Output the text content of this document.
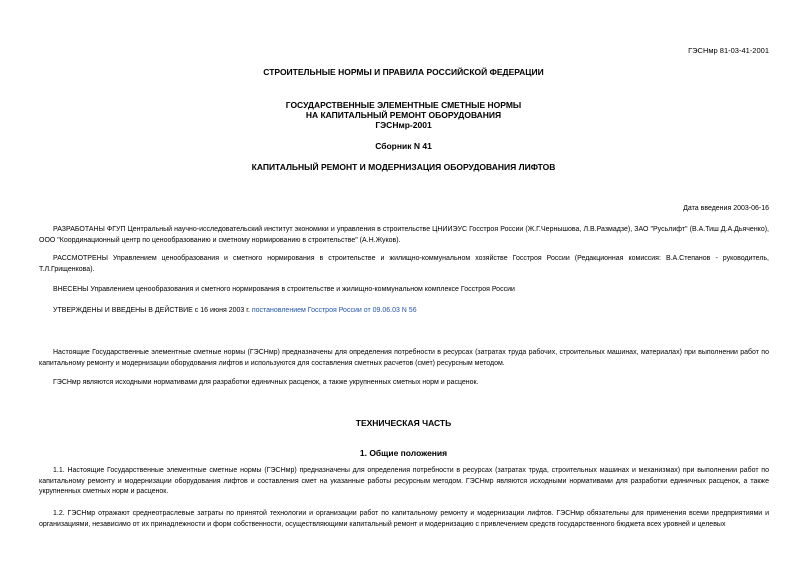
ГЭСНмр 81-03-41-2001
СТРОИТЕЛЬНЫЕ НОРМЫ И ПРАВИЛА РОССИЙСКОЙ ФЕДЕРАЦИИ
ГОСУДАРСТВЕННЫЕ ЭЛЕМЕНТНЫЕ СМЕТНЫЕ НОРМЫ
НА КАПИТАЛЬНЫЙ РЕМОНТ ОБОРУДОВАНИЯ
ГЭСНмр-2001
Сборник N 41
КАПИТАЛЬНЫЙ РЕМОНТ И МОДЕРНИЗАЦИЯ ОБОРУДОВАНИЯ ЛИФТОВ
Дата введения 2003-06-16
РАЗРАБОТАНЫ ФГУП Центральный научно-исследовательский институт экономики и управления в строительстве ЦНИИЭУС Госстроя России (Ж.Г.Чернышова, Л.В.Размадзе), ЗАО "Русьлифт" (В.А.Тиш Д.А.Дьяченко), ООО "Координационный центр по ценообразованию и сметному нормированию в строительстве" (А.Н.Жуков).
РАССМОТРЕНЫ Управлением ценообразования и сметного нормирования в строительстве и жилищно-коммунальном хозяйстве Госстроя России (Редакционная комиссия: В.А.Степанов - руководитель, Т.Л.Грищенкова).
ВНЕСЕНЫ Управлением ценообразования и сметного нормирования в строительстве и жилищно-коммунальном комплексе Госстроя России
УТВЕРЖДЕНЫ И ВВЕДЕНЫ В ДЕЙСТВИЕ с 16 июня 2003 г. постановлением Госстроя России от 09.06.03 N 56
Настоящие Государственные элементные сметные нормы (ГЭСНмр) предназначены для определения потребности в ресурсах (затратах труда рабочих, строительных машинах, материалах) при выполнении работ по капитальному ремонту и модернизации оборудования лифтов и используются для составления сметных расчетов (смет) ресурсным методом.
ГЭСНмр являются исходными нормативами для разработки единичных расценок, а также укрупненных сметных норм и расценок.
ТЕХНИЧЕСКАЯ ЧАСТЬ
1. Общие положения
1.1. Настоящие Государственные элементные сметные нормы (ГЭСНмр) предназначены для определения потребности в ресурсах (затратах труда, строительных машинах и механизмах) при выполнении работ по капитальному ремонту и модернизации оборудования лифтов и составления смет на указанные работы ресурсным методом. ГЭСНмр являются исходными нормативами для разработки единичных расценок, а также укрупненных сметных норм и расценок.
1.2. ГЭСНмр отражают среднеотраслевые затраты по принятой технологии и организации работ по капитальному ремонту и модернизации лифтов. ГЭСНмр обязательны для применения всеми предприятиями и организациями, независимо от их принадлежности и форм собственности, осуществляющими капитальный ремонт и модернизацию с привлечением средств государственного бюджета всех уровней и целевых
